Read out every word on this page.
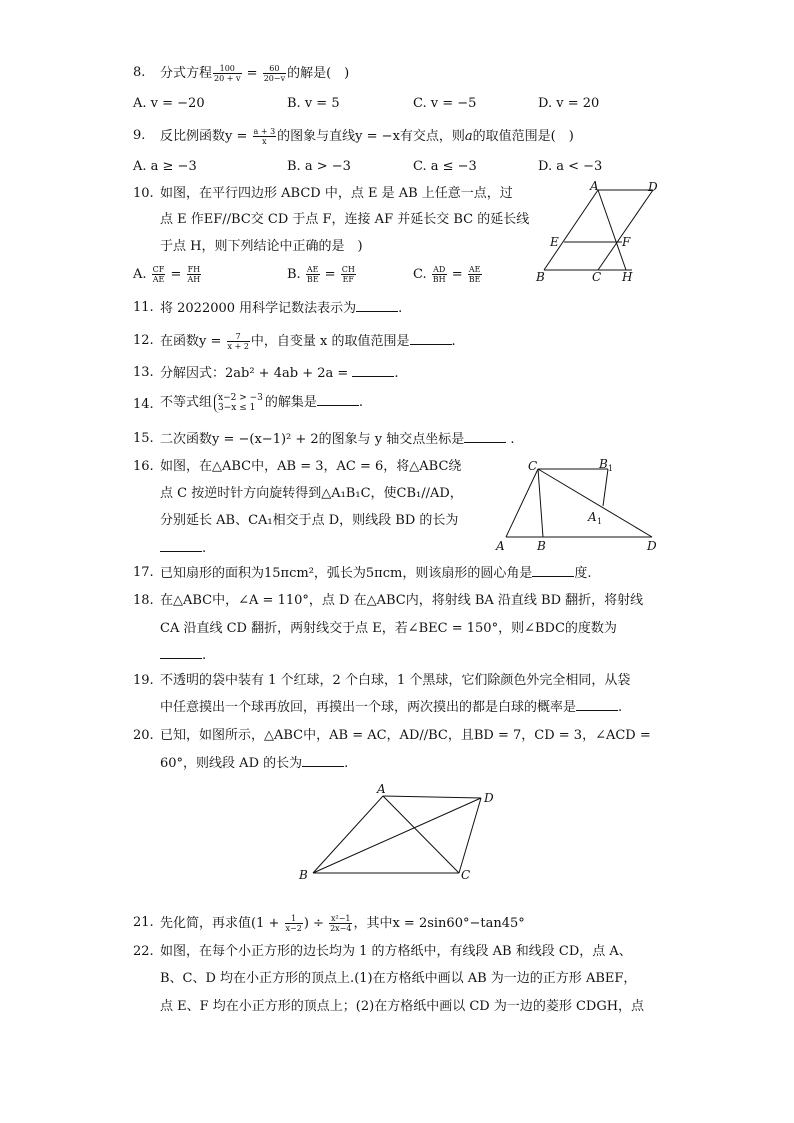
8. 分式方程 $\frac{100}{20 + v} = \frac{60}{20-v}$ 的解是(　)
A. v = −20	B. v = 5	C. v = −5	D. v = 20
9. 反比例函数$y = \frac{a + 3}{x}$ 的图象与直线y = −x有交点，则a的取值范围是(　)
A. a ≥ −3	B. a > −3	C. a ≤ −3	D. a < −3
10. 如图，在平行四边形 ABCD 中，点 E 是 AB 上任意一点，过
点 E 作EF//BC交 CD 于点 F，连接 AF 并延长交 BC 的延长线
于点 H，则下列结论中正确的是　)
A. $\frac{CF}{AE} = \frac{FH}{AH}$	B. $\frac{AE}{BE} = \frac{CH}{EF}$	C. $\frac{AD}{BH} = \frac{AE}{BE}$
A	D
E	F
B	C H
11. 将 2022000 用科学记数法表示为	.
12. 在函数$y = \frac{7}{x + 2}$ 中，自变量 x 的取值范围是	.
13. 分解因式：2ab² + 4ab + 2a =	.
14. 不等式组 x−2 > −3
3−x ≤ 1 的解集是	.
15. 二次函数y = −(x−1)² + 2的图象与 y 轴交点坐标是	.
16. 如图，在△ABC中，AB = 3，AC = 6，将△ABC绕
点 C 按逆时针方向旋转得到△A₁B₁C，使CB₁//AD，
分别延长 AB、CA₁相交于点 D，则线段 BD 的长为
.
C	B 1
A 1
A	B	D
17. 已知扇形的面积为15πcm²，弧长为5πcm，则该扇形的圆心角是	度.
18. 在△ABC中，∠A = 110°，点 D 在△ABC内，将射线 BA 沿直线 BD 翻折，将射线
CA 沿直线 CD 翻折，两射线交于点 E，若∠BEC = 150°，则∠BDC的度数为
.
19. 不透明的袋中装有 1 个红球，2 个白球，1 个黑球，它们除颜色外完全相同，从袋
中任意摸出一个球再放回，再摸出一个球，两次摸出的都是白球的概率是	.
20. 已知，如图所示，△ABC中，AB = AC，AD//BC，且BD = 7，CD = 3，∠ACD =
60°，则线段 AD 的长为	.
A
D
B	C
21. 先化简，再求值($1 + \frac{1}{x-2}$ ) ÷ $\frac{\text{x²−1}}{2x-4}$ ，其中x = 2sin60°−tan45°
22. 如图，在每个小正方形的边长均为 1 的方格纸中，有线段 AB 和线段 CD，点 A、
B、C、D 均在小正方形的顶点上.(1)在方格纸中画以 AB 为一边的正方形 ABEF，
点 E、F 均在小正方形的顶点上；(2)在方格纸中画以 CD 为一边的菱形 CDGH，点
